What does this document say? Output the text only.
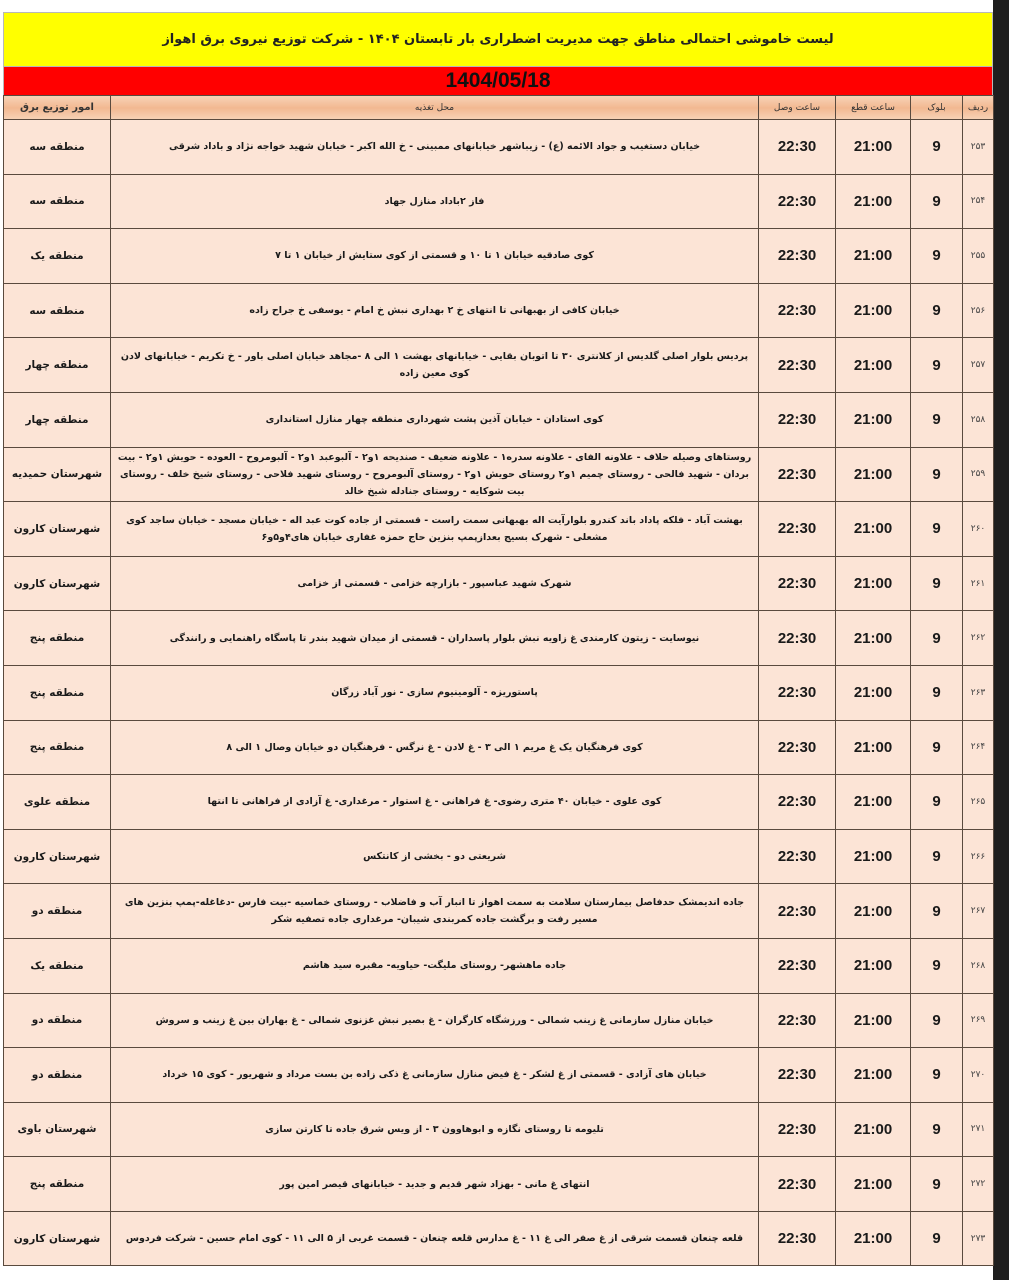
لیست خاموشی احتمالی مناطق جهت مدیریت اضطراری بار تابستان ۱۴۰۴ - شرکت توزیع نیروی برق اهواز
1404/05/18
ردیف	بلوک	ساعت قطع	ساعت وصل	محل تغذیه	امور توزیع برق
۲۵۳	9	21:00	22:30	خیابان دستغیب و جواد الائمه (ع) - زیباشهر خیابانهای ممبینی - خ الله اکبر - خیابان شهید خواجه نژاد و باداد شرقی	منطقه سه
۲۵۴	9	21:00	22:30	فاز ۲باداد منازل جهاد	منطقه سه
۲۵۵	9	21:00	22:30	کوی صادقیه خیابان ۱ تا ۱۰ و قسمتی از کوی ستایش از خیابان ۱ تا ۷	منطقه یک
۲۵۶	9	21:00	22:30	خیابان کافی از بهبهانی تا انتهای خ ۲ بهداری نبش خ امام - یوسفی خ جراح زاده	منطقه سه
۲۵۷	9	21:00	22:30	پردیس بلوار اصلی گلدیس از کلانتری ۳۰ تا اتوبان بقایی - خیابانهای بهشت ۱ الی ۸ -مجاهد خیابان اصلی باور - خ تکریم - خیابانهای لادن کوی معین زاده	منطقه چهار
۲۵۸	9	21:00	22:30	کوی استادان - خیابان آذین پشت شهرداری منطقه چهار منازل استانداری	منطقه چهار
۲۵۹	9	21:00	22:30	روستاهای وصیله حلاف - علاونه الفای - علاونه سدره۱ - علاونه ضعیف - صندیحه ۱و۲ - آلبوعبد ۱و۲ - آلبومروح - العوده - حویش ۱و۲ - بیت بردان - شهید فالحی - روستای چمیم ۱و۲ روستای حویش ۱و۲ - روستای آلبومروح - روستای شهید فلاحی - روستای شیخ خلف - روستای بیت شوکایه - روستای جنادله شیخ خالد	شهرستان حمیدیه
۲۶۰	9	21:00	22:30	بهشت آباد - فلکه پاداد باند کندرو بلوارآیت اله بهبهانی سمت راست - قسمتی از جاده کوت عبد اله - خیابان مسجد - خیابان ساجد کوی مشعلی - شهرک بسیج بعدازپمپ بنزین حاج حمزه غفاری خیابان های۴و۵و۶	شهرستان کارون
۲۶۱	9	21:00	22:30	شهرک شهید عباسپور - بازارچه خزامی - قسمتی از خزامی	شهرستان کارون
۲۶۲	9	21:00	22:30	نیوسایت - زیتون کارمندی غ زاویه نبش بلوار پاسداران - قسمتی از میدان شهید بندر تا پاسگاه راهنمایی و رانندگی	منطقه پنج
۲۶۳	9	21:00	22:30	پاستوریزه - آلومینیوم سازی - نور آباد زرگان	منطقه پنج
۲۶۴	9	21:00	22:30	کوی فرهنگیان یک غ مریم ۱ الی ۳ - غ لادن - غ نرگس - فرهنگیان دو خیابان وصال ۱ الی ۸	منطقه پنج
۲۶۵	9	21:00	22:30	کوی علوی - خیابان ۴۰ متری رضوی- غ فراهانی - غ استوار - مرغداری- غ آزادی از فراهانی تا انتها	منطقه علوی
۲۶۶	9	21:00	22:30	شریعتی دو - بخشی از کانتکس	شهرستان کارون
۲۶۷	9	21:00	22:30	جاده اندیمشک حدفاصل بیمارستان سلامت به سمت اهواز تا انبار آب و فاضلاب - روستای خماسیه -بیت فارس -دغاغله-پمپ بنزین های مسیر رفت و برگشت جاده کمربندی شیبان- مرغداری جاده تصفیه شکر	منطقه دو
۲۶۸	9	21:00	22:30	جاده ماهشهر- روستای ملیگت- حیاویه- مقبره سید هاشم	منطقه یک
۲۶۹	9	21:00	22:30	خیابان منازل سازمانی غ زینب شمالی - ورزشگاه کارگران - غ بصیر نبش غزنوی شمالی - غ بهاران بین غ زینب و سروش	منطقه دو
۲۷۰	9	21:00	22:30	خیابان های آزادی - قسمتی از غ لشکر - غ فیض منازل سازمانی غ ذکی زاده بن بست مرداد و شهریور - کوی ۱۵ خرداد	منطقه دو
۲۷۱	9	21:00	22:30	تلیومه تا روستای نگازه و ابوهاوون ۳ - از ویس شرق جاده تا کارتن سازی	شهرستان باوی
۲۷۲	9	21:00	22:30	انتهای غ مانی - بهزاد شهر قدیم و جدید - خیابانهای قیصر امین پور	منطقه پنج
۲۷۳	9	21:00	22:30	قلعه چنعان قسمت شرقی از غ صفر الی غ ۱۱ - غ مدارس قلعه چنعان - قسمت غربی از ۵ الی ۱۱ - کوی امام حسین - شرکت فردوس	شهرستان کارون
